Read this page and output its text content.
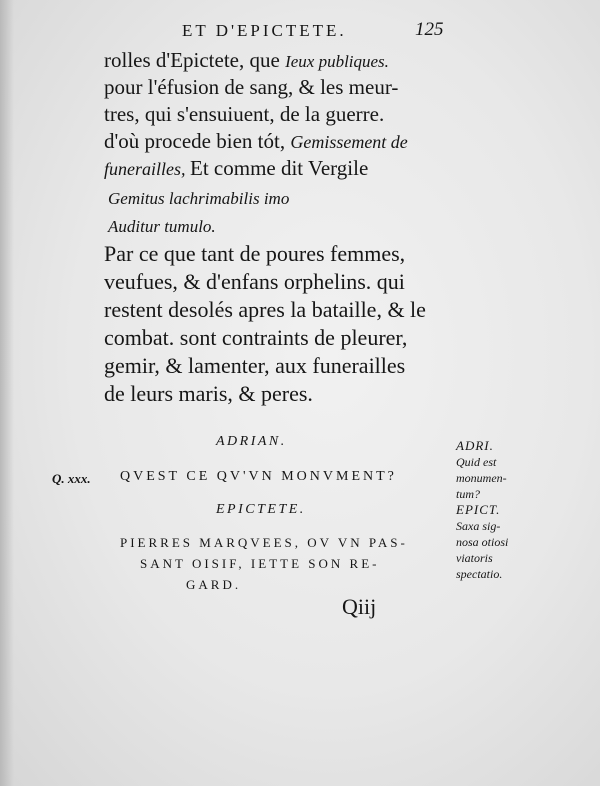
ET D'EPICTETE.	125
rolles d'Epictete, que Ieux publiques.
pour l'éfusion de sang, & les meur-
tres, qui s'ensuiuent, de la guerre.
d'où procede bien tót, Gemissement de
funerailles, Et comme dit Vergile
Gemitus lachrimabilis imo
Auditur tumulo.
Par ce que tant de poures femmes,
veufues, & d'enfans orphelins. qui
restent desolés apres la bataille, & le
combat. sont contraints de pleurer,
gemir, & lamenter, aux funerailles
de leurs maris, & peres.
ADRIAN.
Q. xxx. QVEST CE QV'VN MONVMENT?
EPICTETE.
PIERRES MARQVEES, OV VN PAS-
SANT OISIF, IETTE SON RE-
GARD.
ADRI.
Quid est
monumen-
tum?
EPICT.
Saxa sig-
nosa otiosi
viatoris
spectatio.
Qiij
